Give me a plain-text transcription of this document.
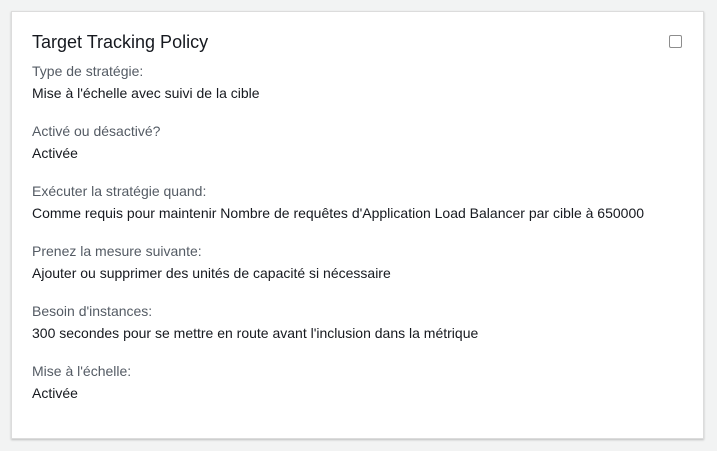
Target Tracking Policy
Type de stratégie:
Mise à l'échelle avec suivi de la cible
Activé ou désactivé?
Activée
Exécuter la stratégie quand:
Comme requis pour maintenir Nombre de requêtes d'Application Load Balancer par cible à 650000
Prenez la mesure suivante:
Ajouter ou supprimer des unités de capacité si nécessaire
Besoin d'instances:
300 secondes pour se mettre en route avant l'inclusion dans la métrique
Mise à l'échelle:
Activée
